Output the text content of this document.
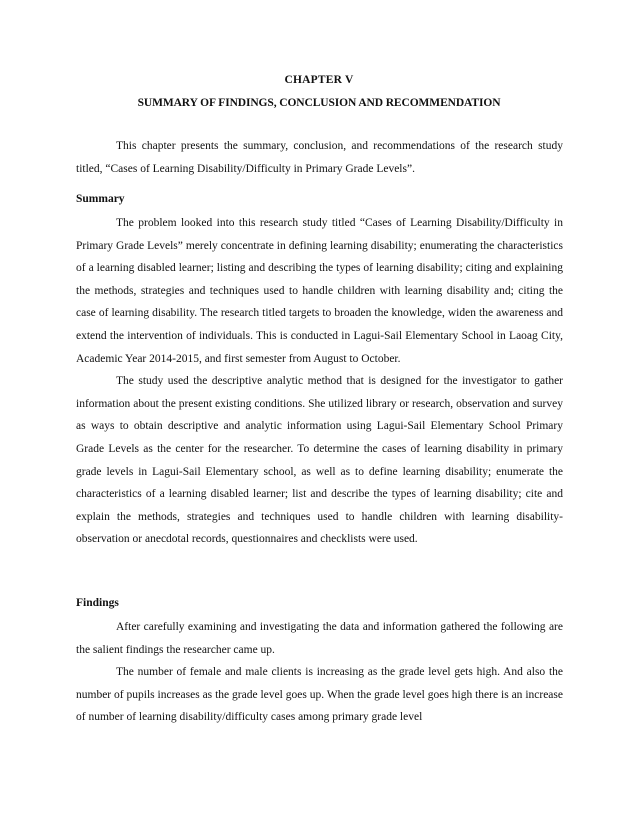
CHAPTER V
SUMMARY OF FINDINGS, CONCLUSION AND RECOMMENDATION

This chapter presents the summary, conclusion, and recommendations of the research study titled, “Cases of Learning Disability/Difficulty in Primary Grade Levels”.

Summary

The problem looked into this research study titled “Cases of Learning Disability/Difficulty in Primary Grade Levels” merely concentrate in defining learning disability; enumerating the characteristics of a learning disabled learner; listing and describing the types of learning disability; citing and explaining the methods, strategies and techniques used to handle children with learning disability and; citing the case of learning disability. The research titled targets to broaden the knowledge, widen the awareness and extend the intervention of individuals. This is conducted in Lagui-Sail Elementary School in Laoag City, Academic Year 2014-2015, and first semester from August to October.

The study used the descriptive analytic method that is designed for the investigator to gather information about the present existing conditions. She utilized library or research, observation and survey as ways to obtain descriptive and analytic information using Lagui-Sail Elementary School Primary Grade Levels as the center for the researcher. To determine the cases of learning disability in primary grade levels in Lagui-Sail Elementary school, as well as to define learning disability; enumerate the characteristics of a learning disabled learner; list and describe the types of learning disability; cite and explain the methods, strategies and techniques used to handle children with learning disability- observation or anecdotal records, questionnaires and checklists were used.

Findings

After carefully examining and investigating the data and information gathered the following are the salient findings the researcher came up.

The number of female and male clients is increasing as the grade level gets high. And also the number of pupils increases as the grade level goes up. When the grade level goes high there is an increase of number of learning disability/difficulty cases among primary grade level
